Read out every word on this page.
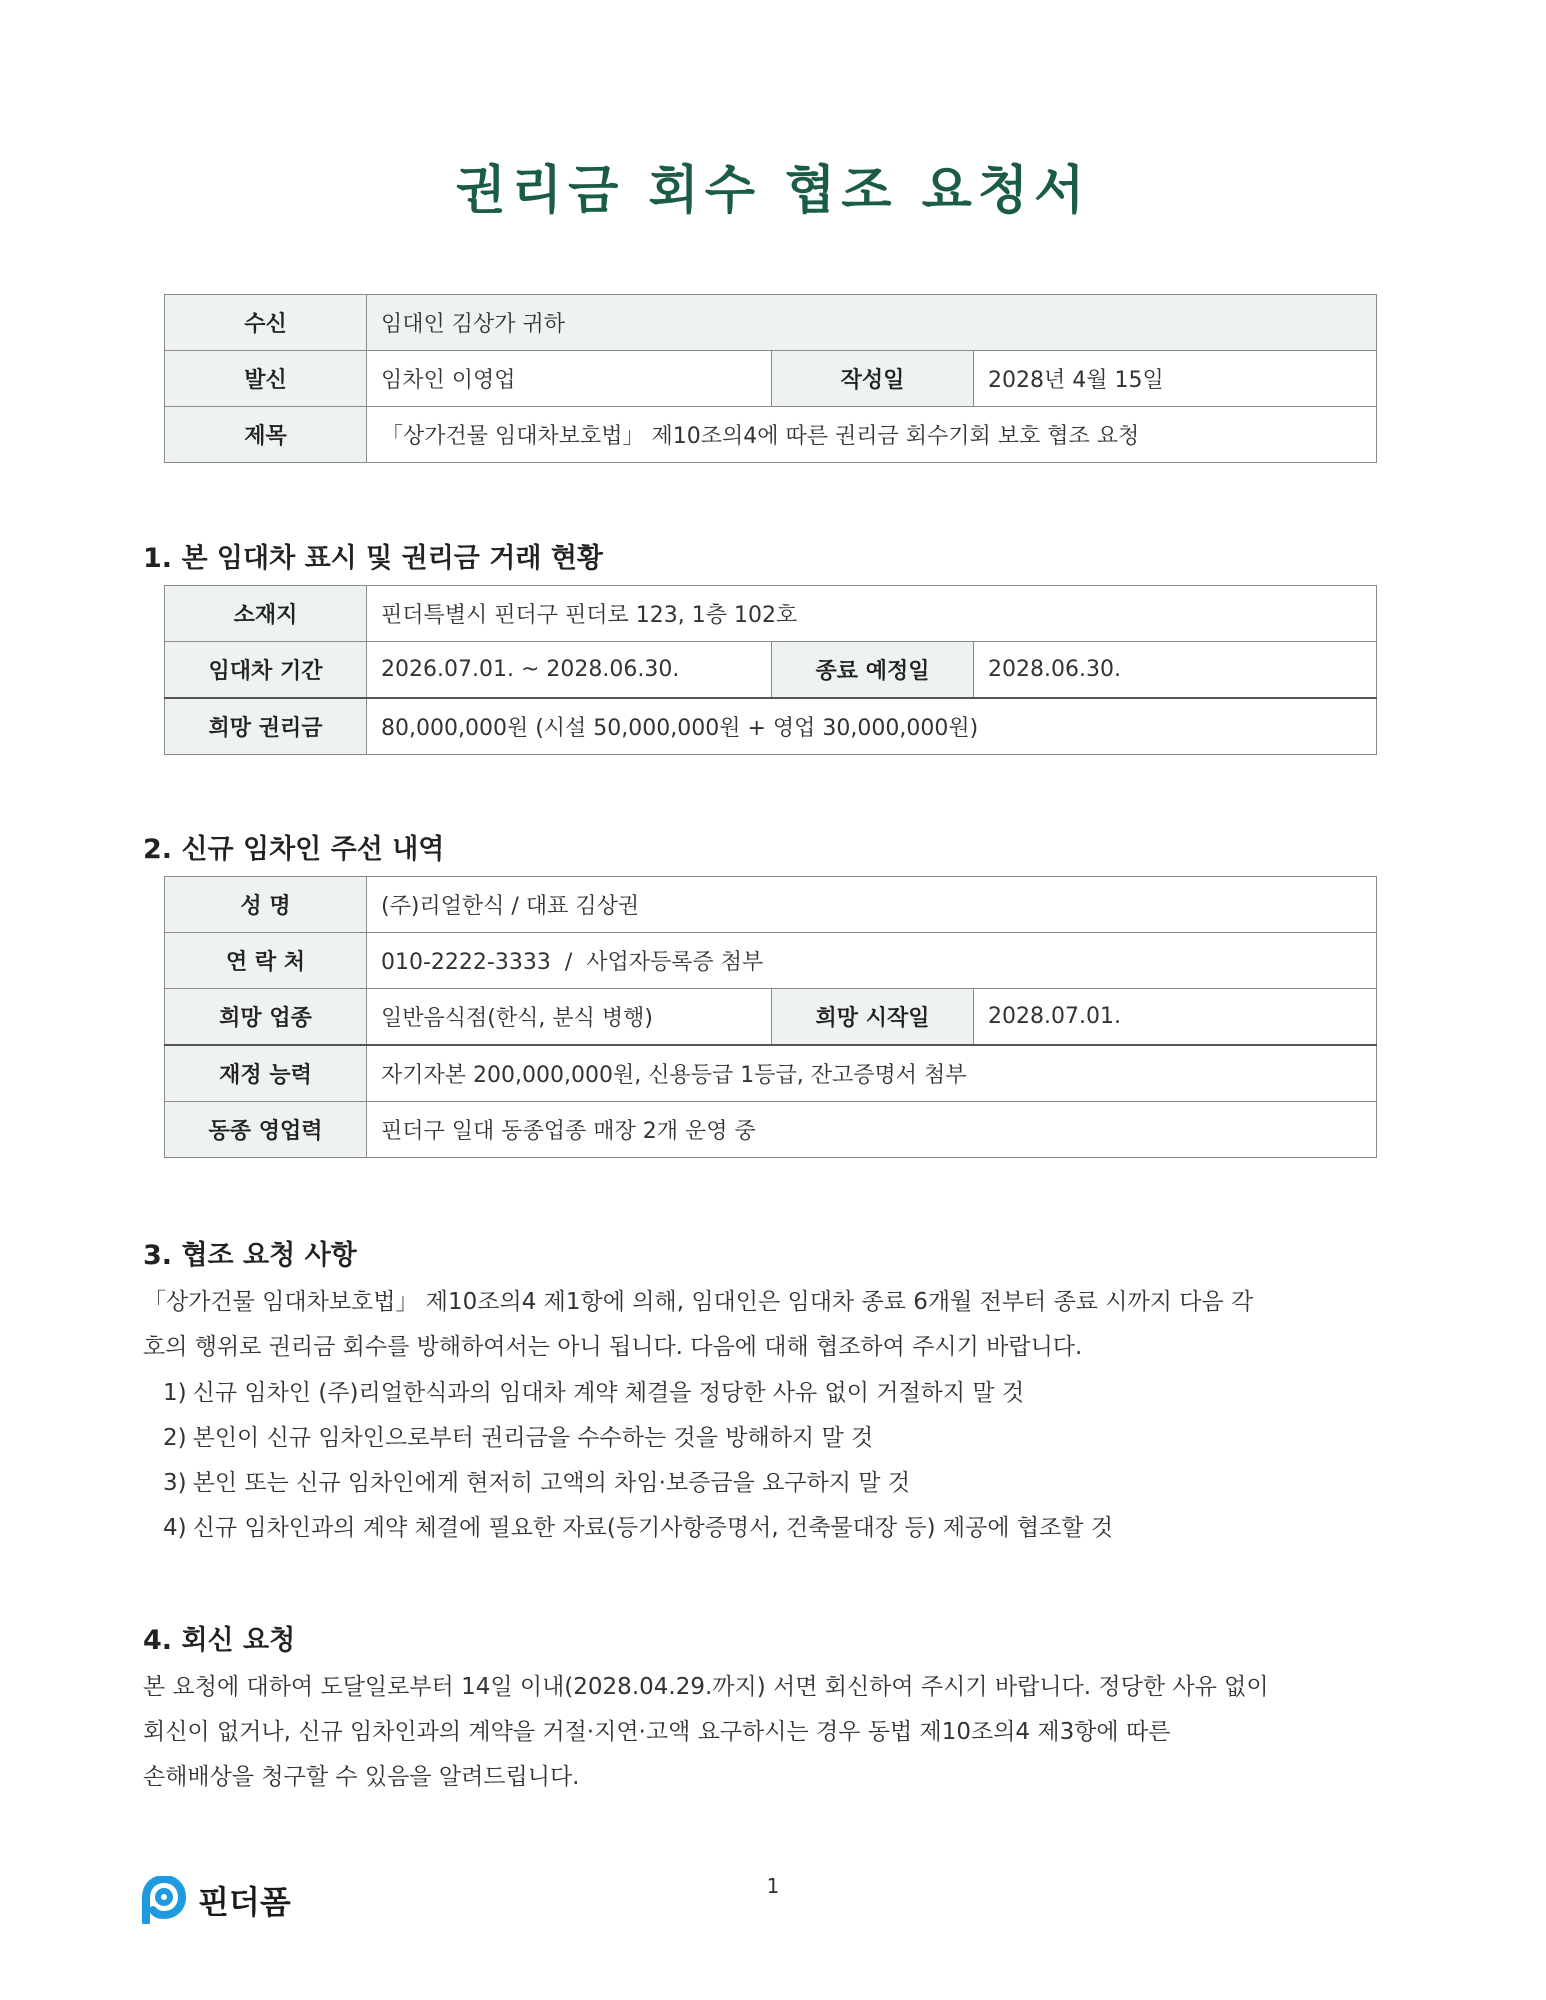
권리금 회수 협조 요청서
수신	임대인 김상가 귀하		
발신	임차인 이영업	작성일	2028년 4월 15일
제목	「상가건물 임대차보호법」 제10조의4에 따른 권리금 회수기회 보호 협조 요청		
1. 본 임대차 표시 및 권리금 거래 현황
소재지	핀더특별시 핀더구 핀더로 123, 1층 102호		
임대차 기간	2026.07.01. ~ 2028.06.30.	종료 예정일	2028.06.30.
희망 권리금	80,000,000원 (시설 50,000,000원 + 영업 30,000,000원)		
2. 신규 임차인 주선 내역
성 명	(주)리얼한식 / 대표 김상권		
연 락 처	010-2222-3333  /  사업자등록증 첨부		
희망 업종	일반음식점(한식, 분식 병행)	희망 시작일	2028.07.01.
재정 능력	자기자본 200,000,000원, 신용등급 1등급, 잔고증명서 첨부		
동종 영업력	핀더구 일대 동종업종 매장 2개 운영 중		
3. 협조 요청 사항
「상가건물 임대차보호법」 제10조의4 제1항에 의해, 임대인은 임대차 종료 6개월 전부터 종료 시까지 다음 각
호의 행위로 권리금 회수를 방해하여서는 아니 됩니다. 다음에 대해 협조하여 주시기 바랍니다.
1) 신규 임차인 (주)리얼한식과의 임대차 계약 체결을 정당한 사유 없이 거절하지 말 것
2) 본인이 신규 임차인으로부터 권리금을 수수하는 것을 방해하지 말 것
3) 본인 또는 신규 임차인에게 현저히 고액의 차임·보증금을 요구하지 말 것
4) 신규 임차인과의 계약 체결에 필요한 자료(등기사항증명서, 건축물대장 등) 제공에 협조할 것
4. 회신 요청
본 요청에 대하여 도달일로부터 14일 이내(2028.04.29.까지) 서면 회신하여 주시기 바랍니다. 정당한 사유 없이
회신이 없거나, 신규 임차인과의 계약을 거절·지연·고액 요구하시는 경우 동법 제10조의4 제3항에 따른
손해배상을 청구할 수 있음을 알려드립니다.
핀더폼	1
